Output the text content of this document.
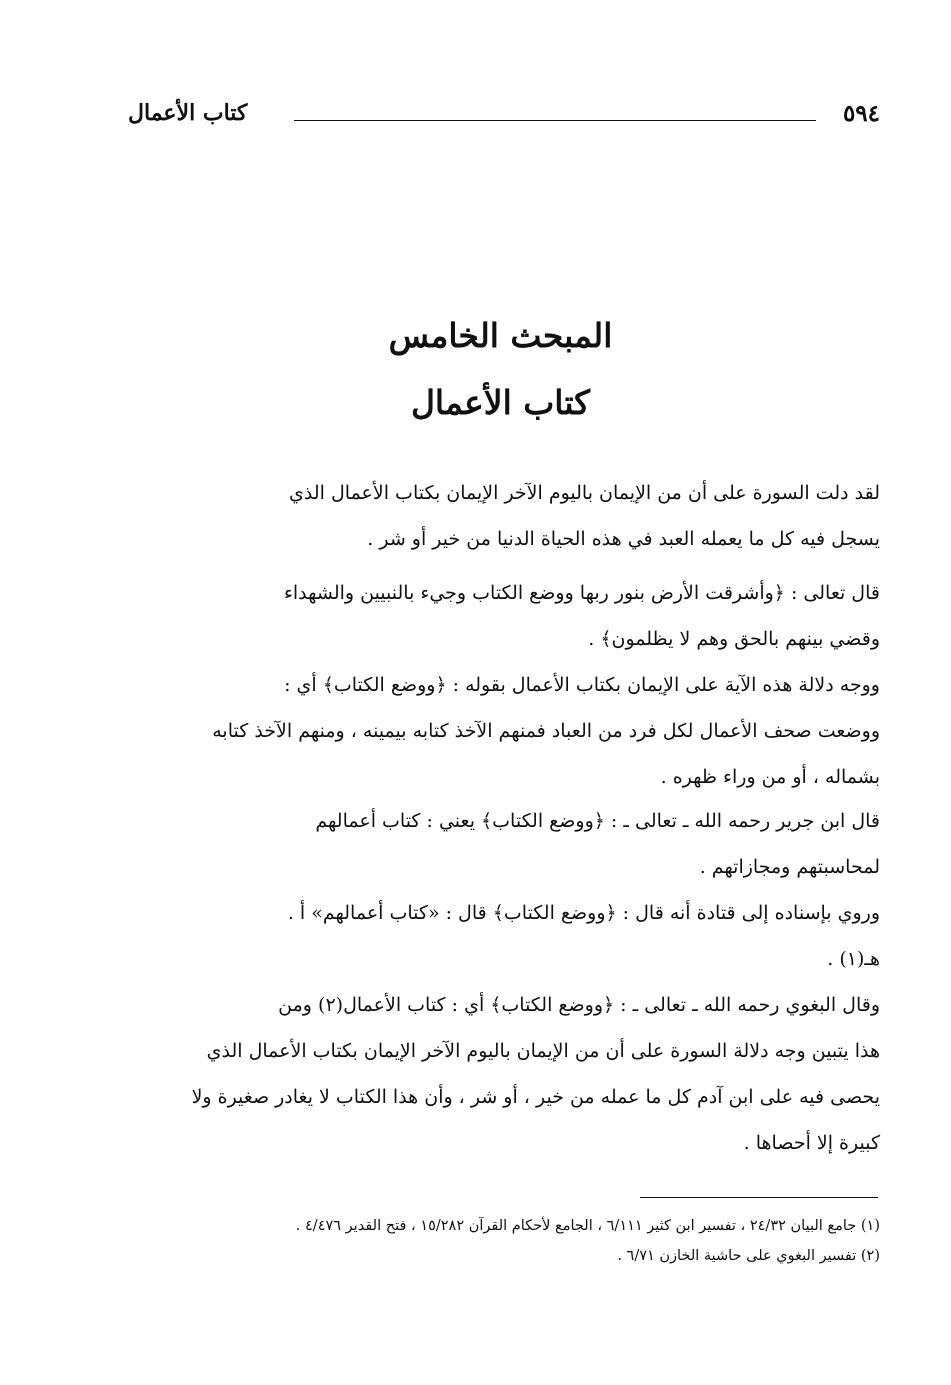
٥٩٤
كتاب الأعمال
المبحث الخامس
كتاب الأعمال

لقد دلت السورة على أن من الإيمان باليوم الآخر الإيمان بكتاب الأعمال الذي
يسجل فيه كل ما يعمله العبد في هذه الحياة الدنيا من خير أو شر .

قال تعالى : ﴿وأشرقت الأرض بنور ربها ووضع الكتاب وجيء بالنبيين والشهداء
وقضي بينهم بالحق وهم لا يظلمون﴾ .

ووجه دلالة هذه الآية على الإيمان بكتاب الأعمال بقوله : ﴿ووضع الكتاب﴾ أي :
ووضعت صحف الأعمال لكل فرد من العباد فمنهم الآخذ كتابه بيمينه ، ومنهم الآخذ كتابه
بشماله ، أو من وراء ظهره .

قال ابن جرير رحمه الله ـ تعالى ـ : ﴿ووضع الكتاب﴾ يعني : كتاب أعمالهم
لمحاسبتهم ومجازاتهم .

وروي بإسناده إلى قتادة أنه قال : ﴿ووضع الكتاب﴾ قال : «كتاب أعمالهم» أ .
هـ(١) .

وقال البغوي رحمه الله ـ تعالى ـ : ﴿ووضع الكتاب﴾ أي : كتاب الأعمال(٢) ومن
هذا يتبين وجه دلالة السورة على أن من الإيمان باليوم الآخر الإيمان بكتاب الأعمال الذي
يحصى فيه على ابن آدم كل ما عمله من خير ، أو شر ، وأن هذا الكتاب لا يغادر صغيرة ولا
كبيرة إلا أحصاها .

(١) جامع البيان ٢٤/٣٢ ، تفسير ابن كثير ٦/١١١ ، الجامع لأحكام القرآن ١٥/٢٨٢ ، فتح القدير ٤/٤٧٦ .

(٢) تفسير البغوي على حاشية الخازن ٦/٧١ .
